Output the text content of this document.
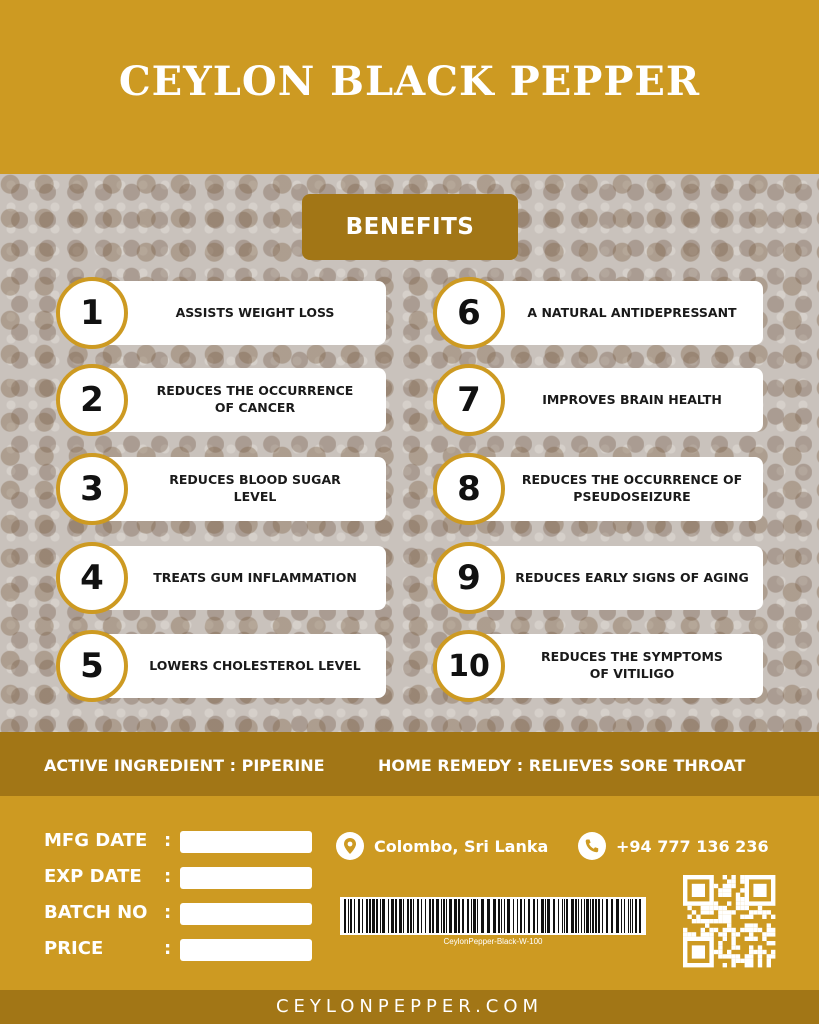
CEYLON BLACK PEPPER
BENEFITS
ASSISTS WEIGHT LOSS
1
REDUCES THE OCCURRENCE OF CANCER
2
REDUCES BLOOD SUGAR LEVEL
3
TREATS GUM INFLAMMATION
4
LOWERS CHOLESTEROL LEVEL
5
A NATURAL ANTIDEPRESSANT
6
IMPROVES BRAIN HEALTH
7
REDUCES THE OCCURRENCE OF PSEUDOSEIZURE
8
REDUCES EARLY SIGNS OF AGING
9
REDUCES THE SYMPTOMS OF VITILIGO
10
ACTIVE INGREDIENT : PIPERINE	HOME REMEDY : RELIEVES SORE THROAT
MFG DATE :
EXP DATE :
BATCH NO :
PRICE	:
Colombo, Sri Lanka	+94 777 136 236
CeylonPepper-Black-W-100
CEYLONPEPPER.COM
